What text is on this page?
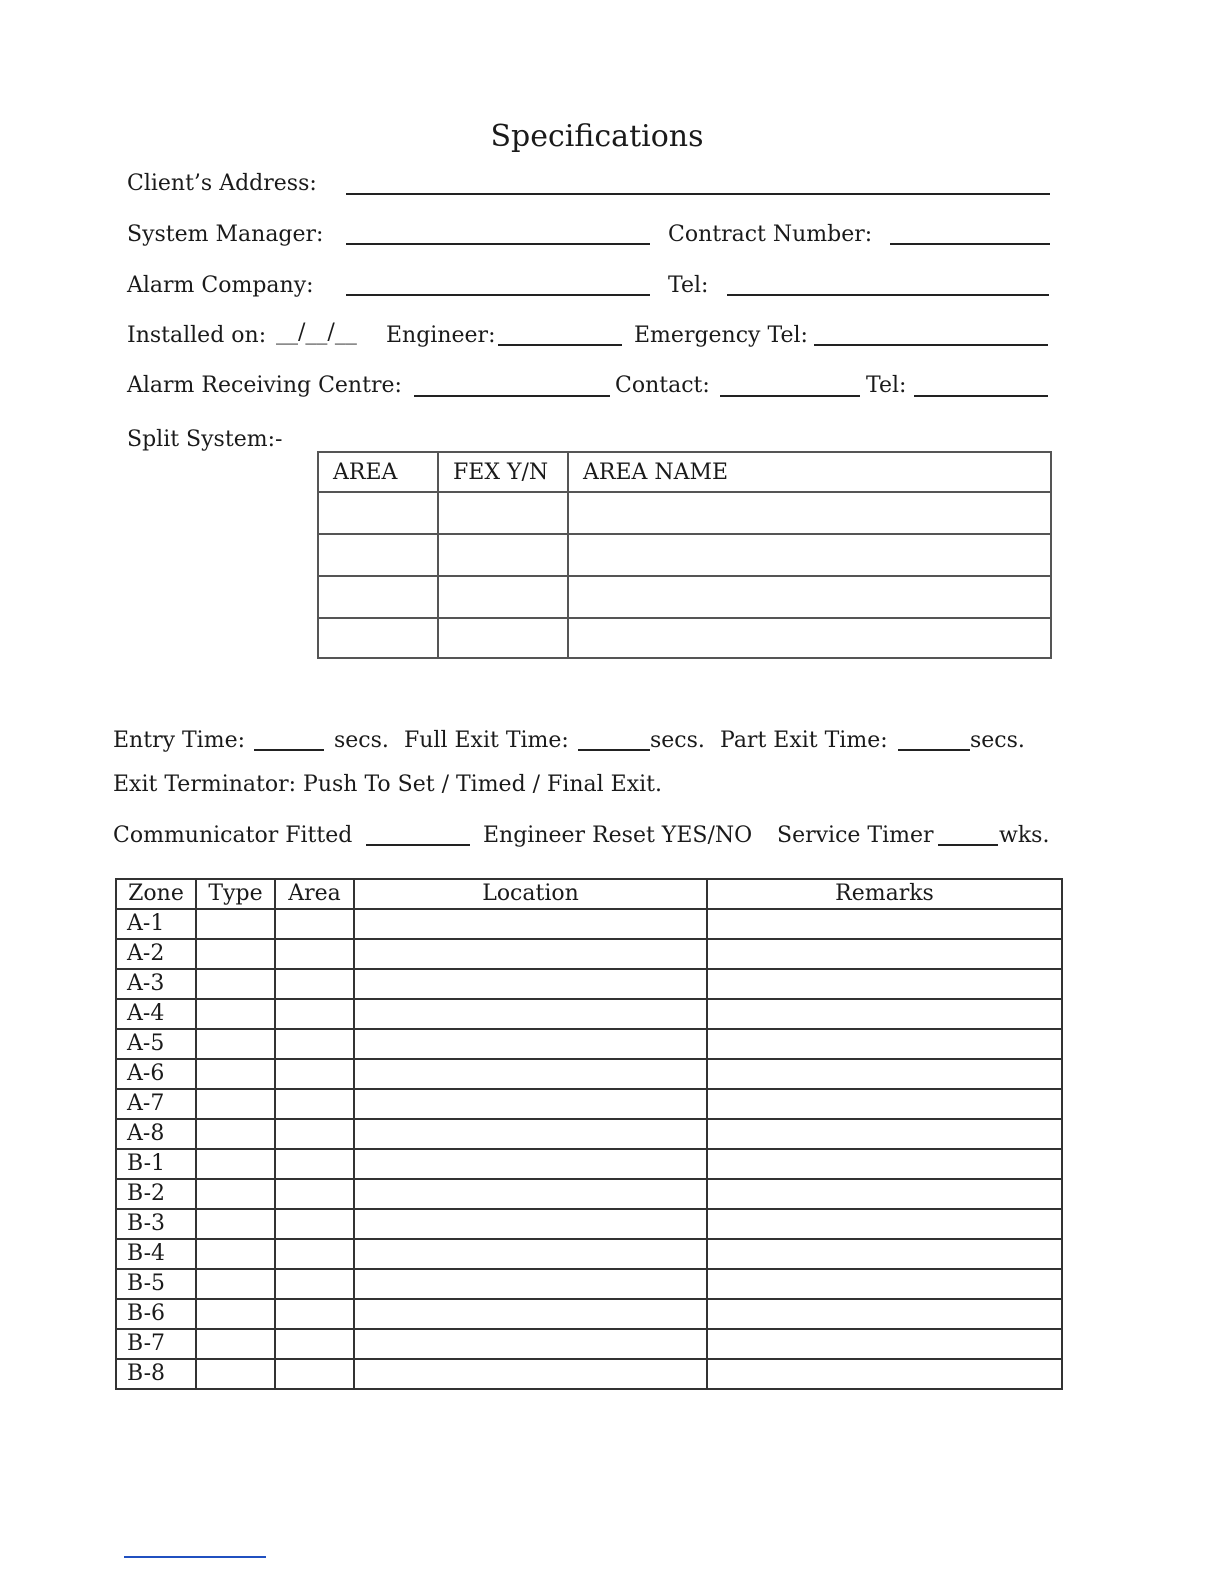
Specifications
Client’s Address:
System Manager:	Contract Number:
Alarm Company:	Tel:
Installed on: __/__/__ Engineer:	Emergency Tel:
Alarm Receiving Centre:	Contact:	Tel:
Split System:-
AREA	FEX Y/N	AREA NAME

Entry Time:	secs. Full Exit Time:	secs. Part Exit Time:	secs.
Exit Terminator: Push To Set / Timed / Final Exit.
Communicator Fitted	Engineer Reset YES/NO Service Timer	wks.
Zone	Type	Area	Location	Remarks
A-1				
A-2				
A-3				
A-4				
A-5				
A-6				
A-7				
A-8				
B-1				
B-2				
B-3				
B-4				
B-5				
B-6				
B-7				
B-8				
